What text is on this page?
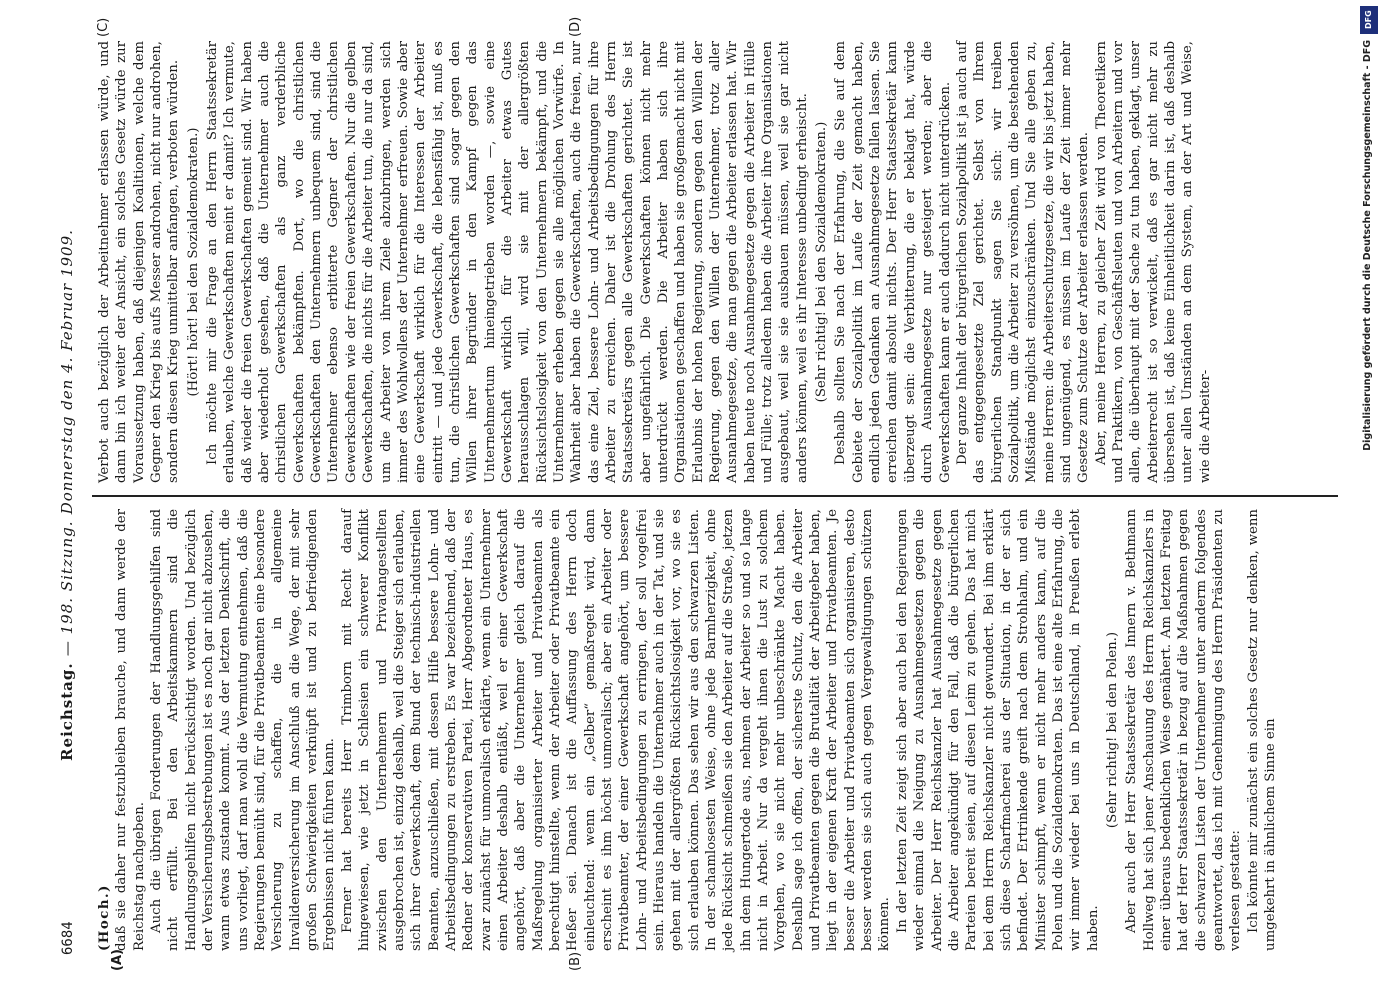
6684
Reichstag. — 198. Sitzung. Donnerstag den 4. Februar 1909.
(A)	(B)
(C)	(D)

(Hoch.) daß sie daher nur festzubleiben brauche, und dann werde der Reichstag nachgeben. Auch die übrigen Forderungen der Handlungsgehilfen sind nicht erfüllt. Bei den Arbeitskammern sind die Handlungsgehilfen nicht berücksichtigt worden. Und bezüglich der Versicherungsbestrebungen ist es noch gar nicht abzusehen, wann etwas zustande kommt. Aus der letzten Denkschrift, die uns vorliegt, darf man wohl die Vermutung entnehmen, daß die Regierungen bemüht sind, für die Privatbeamten eine besondere Versicherung zu schaffen, die in allgemeine Invalidenversicherung im Anschluß an die Wege, der mit sehr großen Schwierigkeiten verknüpft ist und zu befriedigenden Ergebnissen nicht führen kann. Ferner hat bereits Herr Trimborn mit Recht darauf hingewiesen, wie jetzt in Schlesien ein schwerer Konflikt zwischen den Unternehmern und Privatangestellten ausgebrochen ist, einzig deshalb, weil die Steiger sich erlauben, sich ihrer Gewerkschaft, dem Bund der technisch-industriellen Beamten, anzuschließen, mit dessen Hilfe bessere Lohn- und Arbeitsbedingungen zu erstreben. Es war bezeichnend, daß der Redner der konservativen Partei, Herr Abgeordneter Haus, es zwar zunächst für unmoralisch erklärte, wenn ein Unternehmer einen Arbeiter deshalb entläßt, weil er einer Gewerkschaft angehört, daß aber die Unternehmer gleich darauf die Maßregelung organisierter Arbeiter und Privatbeamten als berechtigt hinstellte, wenn der Arbeiter oder Privatbeamte ein Heßer sei. Danach ist die Auffassung des Herrn doch einleuchtend: wenn ein „Gelber“ gemaßregelt wird, dann erscheint es ihm höchst unmoralisch; aber ein Arbeiter oder Privatbeamter, der einer Gewerkschaft angehört, um bessere Lohn- und Arbeitsbedingungen zu erringen, der soll vogelfrei sein. Hieraus handeln die Unternehmer auch in der Tat, und sie gehen mit der allergrößten Rücksichtslosigkeit vor, wo sie es sich erlauben können. Das sehen wir aus den schwarzen Listen. In der schamlosesten Weise, ohne jede Barmherzigkeit, ohne jede Rücksicht schmeißen sie den Arbeiter auf die Straße, jetzen ihn dem Hungertode aus, nehmen der Arbeiter so und so lange nicht in Arbeit. Nur da vergeht ihnen die Lust zu solchem Vorgehen, wo sie nicht mehr unbeschränkte Macht haben. Deshalb sage ich offen, der sicherste Schutz, den die Arbeiter und Privatbeamten gegen die Brutalität der Arbeitgeber haben, liegt in der eigenen Kraft der Arbeiter und Privatbeamten. Je besser die Arbeiter und Privatbeamten sich organisieren, desto besser werden sie sich auch gegen Vergewaltigungen schützen können. In der letzten Zeit zeigt sich aber auch bei den Regierungen wieder einmal die Neigung zu Ausnahmegesetzen gegen die Arbeiter. Der Herr Reichskanzler hat Ausnahmegesetze gegen die Arbeiter angekündigt für den Fall, daß die bürgerlichen Parteien bereit seien, auf diesen Leim zu gehen. Das hat mich bei dem Herrn Reichskanzler nicht gewundert. Bei ihm erklärt sich diese Scharfmacherei aus der Situation, in der er sich befindet. Der Ertrinkende greift nach dem Strohhalm, und ein Minister schimpft, wenn er nicht mehr anders kann, auf die Polen und die Sozialdemokraten. Das ist eine alte Erfahrung, die wir immer wieder bei uns in Deutschland, in Preußen erlebt haben.

(Sehr richtig! bei den Polen.) Aber auch der Herr Staatssekretär des Innern v. Bethmann Hollweg hat sich jener Anschauung des Herrn Reichskanzlers in einer überaus bedenklichen Weise genähert. Am letzten Freitag hat der Herr Staatssekretär in bezug auf die Maßnahmen gegen die schwarzen Listen der Unternehmer unter anderm folgendes geantwortet, das ich mit Genehmigung des Herrn Präsidenten zu verlesen gestatte: Ich könnte mir zunächst ein solches Gesetz nur denken, wenn umgekehrt in ähnlichem Sinne ein

Verbot auch bezüglich der Arbeitnehmer erlassen würde, und dann bin ich weiter der Ansicht, ein solches Gesetz würde zur Voraussetzung haben, daß diejenigen Koalitionen, welche dem Gegner den Krieg bis aufs Messer androhen, nicht nur androhen, sondern diesen Krieg unmittelbar anfangen, verboten würden. (Hört! hört! bei den Sozialdemokraten.) Ich möchte mir die Frage an den Herrn Staatssekretär erlauben, welche Gewerkschaften meint er damit? Ich vermute, daß wieder die freien Gewerkschaften gemeint sind. Wir haben aber wiederholt gesehen, daß die Unternehmer auch die christlichen Gewerkschaften als ganz verderbliche Gewerkschaften bekämpften. Dort, wo die christlichen Gewerkschaften den Unternehmern unbequem sind, sind die Unternehmer ebenso erbitterte Gegner der christlichen Gewerkschaften wie der freien Gewerkschaften. Nur die gelben Gewerkschaften, die nichts für die Arbeiter tun, die nur da sind, um die Arbeiter von ihrem Ziele abzubringen, werden sich immer des Wohlwollens der Unternehmer erfreuen. Sowie aber eine Gewerkschaft wirklich für die Interessen der Arbeiter eintritt — und jede Gewerkschaft, die lebensfähig ist, muß es tun, die christlichen Gewerkschaften sind sogar gegen den Willen ihrer Begründer in den Kampf gegen das Unternehmertum hineingetrieben worden —, sowie eine Gewerkschaft wirklich für die Arbeiter etwas Gutes herausschlagen will, wird sie mit der allergrößten Rücksichtslosigkeit von den Unternehmern bekämpft, und die Unternehmer erheben gegen sie alle möglichen Vorwürfe. In Wahrheit aber haben die Gewerkschaften, auch die freien, nur das eine Ziel, bessere Lohn- und Arbeitsbedingungen für ihre Arbeiter zu erreichen. Daher ist die Drohung des Herrn Staatssekretärs gegen alle Gewerkschaften gerichtet. Sie ist aber ungefährlich. Die Gewerkschaften können nicht mehr unterdrückt werden. Die Arbeiter haben sich ihre Organisationen geschaffen und haben sie großgemacht nicht mit Erlaubnis der hohen Regierung, sondern gegen den Willen der Regierung, gegen den Willen der Unternehmer, trotz aller Ausnahmegesetze, die man gegen die Arbeiter erlassen hat. Wir haben heute noch Ausnahmegesetze gegen die Arbeiter in Hülle und Fülle; trotz alledem haben die Arbeiter ihre Organisationen ausgebaut, weil sie sie ausbauen müssen, weil sie gar nicht anders können, weil es ihr Interesse unbedingt erheischt. (Sehr richtig! bei den Sozialdemokraten.) Deshalb sollten Sie nach der Erfahrung, die Sie auf dem Gebiete der Sozialpolitik im Laufe der Zeit gemacht haben, endlich jeden Gedanken an Ausnahmegesetze fallen lassen. Sie erreichen damit absolut nichts. Der Herr Staatssekretär kann überzeugt sein: die Verbitterung, die er beklagt hat, würde durch Ausnahmegesetze nur gesteigert werden; aber die Gewerkschaften kann er auch dadurch nicht unterdrücken. Der ganze Inhalt der bürgerlichen Sozialpolitik ist ja auch auf das entgegengesetzte Ziel gerichtet. Selbst von Ihrem bürgerlichen Standpunkt sagen Sie sich: wir treiben Sozialpolitik, um die Arbeiter zu versöhnen, um die bestehenden Mißstände möglichst einzuschränken. Und Sie alle geben zu, meine Herren: die Arbeiterschutzgesetze, die wir bis jetzt haben, sind ungenügend, es müssen im Laufe der Zeit immer mehr Gesetze zum Schutze der Arbeiter erlassen werden. Aber, meine Herren, zu gleicher Zeit wird von Theoretikern und Praktikern, von Geschäftsleuten und von Arbeitern und vor allen, die überhaupt mit der Sache zu tun haben, geklagt, unser Arbeiterrecht ist so verwickelt, daß es gar nicht mehr zu übersehen ist, daß keine Einheitlichkeit darin ist, daß deshalb unter allen Umständen an dem System, an der Art und Weise, wie die Arbeiter-

DFG
Digitalisierung gefördert durch die Deutsche Forschungsgemeinschaft - DFG
